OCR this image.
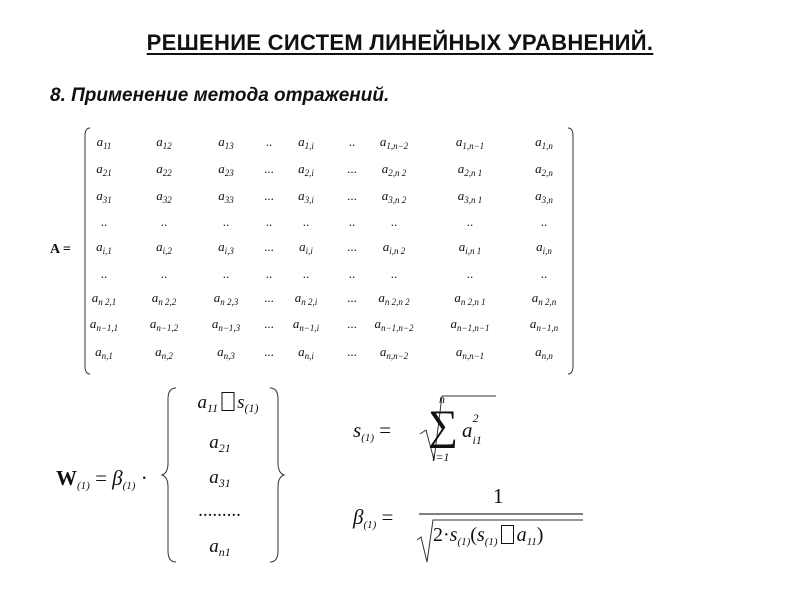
РЕШЕНИЕ СИСТЕМ ЛИНЕЙНЫХ УРАВНЕНИЙ.
8. Применение метода отражений.
A =
$a_{11}$	$a_{12}$	$a_{13}$ .. $a_{1,i}$	.. $a_{1,n-2}$	$a_{1,n-1}$	$a_{1,n}$
$a_{21}$	$a_{22}$	$a_{23}$ ... $a_{2,i}$	... $a_{2,n 2}$	$a_{2,n 1}$	$a_{2,n}$
$a_{31}$	$a_{32}$	$a_{33}$ ... $a_{3,i}$	... $a_{3,n 2}$	$a_{3,n 1}$	$a_{3,n}$
..	..	..	.. ..	..	..	..	..
$a_{i,1}$	$a_{i,2}$	$a_{i,3}$ ... $a_{i,i}$	... $a_{i,n 2}$	$a_{i,n 1}$	$a_{i,n}$
..	..	..	.. ..	..	..	..	..
$a_{n 2,1}$	$a_{n 2,2}$	$a_{n 2,3}$ ... $a_{n 2,i}$ ... $a_{n 2,n 2}$	$a_{n 2,n 1}$	$a_{n 2,n}$
$a_{n-1,1}$ $a_{n-1,2}$	$a_{n-1,3}$ ... $a_{n-1,i}$ ... $a_{n-1,n-2}$	$a_{n-1,n-1}$	$a_{n-1,n}$
$a_{n,1}$	$a_{n,2}$	$a_{n,3}$ ... $a_{n,i}$	... $a_{n,n-2}$	$a_{n,n-1}$	$a_{n,n}$
$W_{(1)} = \beta_{(1)}$ ·
$a_{11}$ $s_{(1)}$
$a_{21}$
$a_{31}$
.........
$a_{n1}$
$s_{(1)}$ =
n
∑
i=1
a 2
i1
$\beta_{(1)}$ =
1
$2\cdot s_{(1)}(s_{(1)}$ $a_{11}$)
